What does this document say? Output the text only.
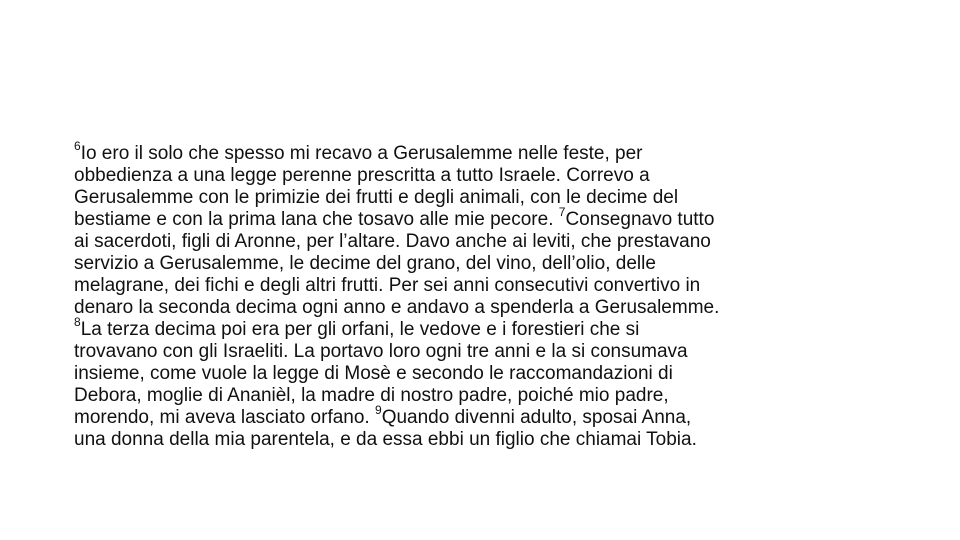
$^6$Io ero il solo che spesso mi recavo a Gerusalemme nelle feste, per
obbedienza a una legge perenne prescritta a tutto Israele. Correvo a
Gerusalemme con le primizie dei frutti e degli animali, con le decime del
bestiame e con la prima lana che tosavo alle mie pecore. $^7$Consegnavo tutto
ai sacerdoti, figli di Aronne, per l’altare. Davo anche ai leviti, che prestavano
servizio a Gerusalemme, le decime del grano, del vino, dell’olio, delle
melagrane, dei fichi e degli altri frutti. Per sei anni consecutivi convertivo in
denaro la seconda decima ogni anno e andavo a spenderla a Gerusalemme.
$^8$La terza decima poi era per gli orfani, le vedove e i forestieri che si
trovavano con gli Israeliti. La portavo loro ogni tre anni e la si consumava
insieme, come vuole la legge di Mosè e secondo le raccomandazioni di
Debora, moglie di Ananièl, la madre di nostro padre, poiché mio padre,
morendo, mi aveva lasciato orfano. $^9$Quando divenni adulto, sposai Anna,
una donna della mia parentela, e da essa ebbi un figlio che chiamai Tobia.
